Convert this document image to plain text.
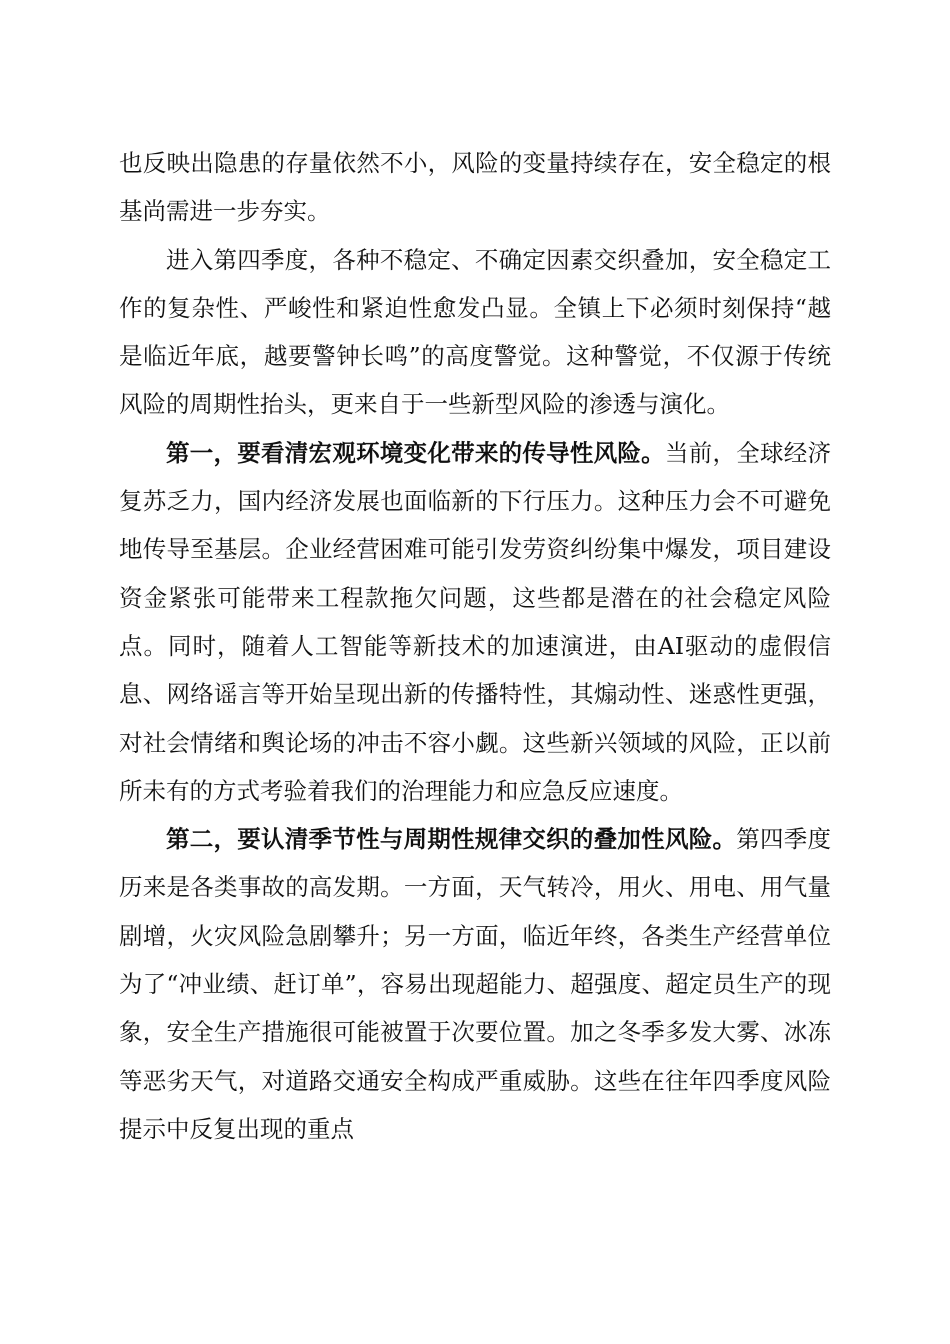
也反映出隐患的存量依然不小，风险的变量持续存在，安全稳定的根基尚需进一步夯实。

进入第四季度，各种不稳定、不确定因素交织叠加，安全稳定工作的复杂性、严峻性和紧迫性愈发凸显。全镇上下必须时刻保持“越是临近年底，越要警钟长鸣”的高度警觉。这种警觉，不仅源于传统风险的周期性抬头，更来自于一些新型风险的渗透与演化。

第一，要看清宏观环境变化带来的传导性风险。当前，全球经济复苏乏力，国内经济发展也面临新的下行压力。这种压力会不可避免地传导至基层。企业经营困难可能引发劳资纠纷集中爆发，项目建设资金紧张可能带来工程款拖欠问题，这些都是潜在的社会稳定风险点。同时，随着人工智能等新技术的加速演进，由AI驱动的虚假信息、网络谣言等开始呈现出新的传播特性，其煽动性、迷惑性更强，对社会情绪和舆论场的冲击不容小觑。这些新兴领域的风险，正以前所未有的方式考验着我们的治理能力和应急反应速度。

第二，要认清季节性与周期性规律交织的叠加性风险。第四季度历来是各类事故的高发期。一方面，天气转冷，用火、用电、用气量剧增，火灾风险急剧攀升；另一方面，临近年终，各类生产经营单位为了“冲业绩、赶订单”，容易出现超能力、超强度、超定员生产的现象，安全生产措施很可能被置于次要位置。加之冬季多发大雾、冰冻等恶劣天气，对道路交通安全构成严重威胁。这些在往年四季度风险提示中反复出现的重点
